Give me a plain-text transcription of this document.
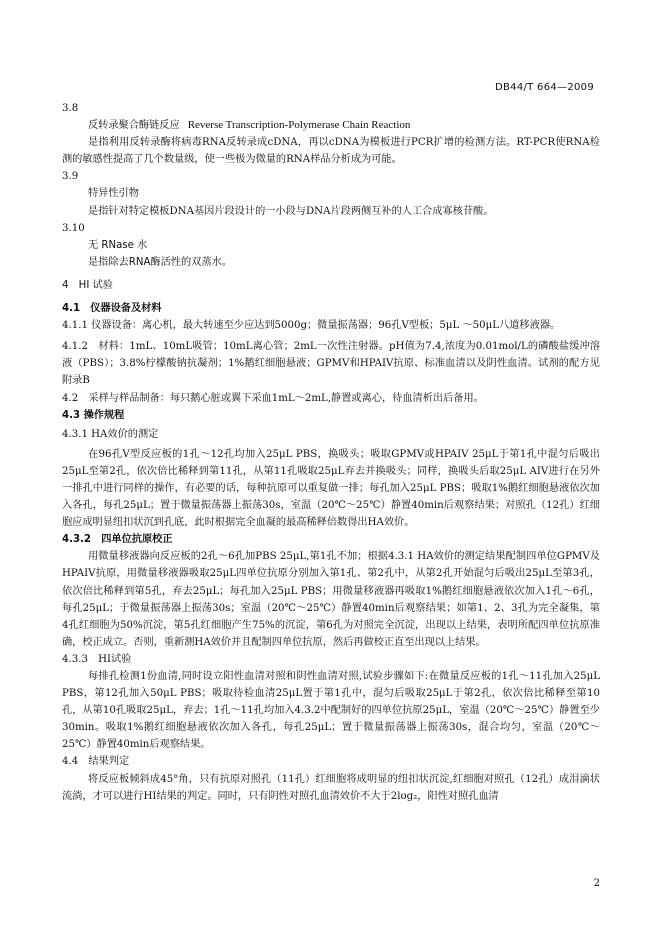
DB44/T 664—2009
3.8
反转录聚合酶链反应 Reverse Transcription-Polymerase Chain Reaction
是指利用反转录酶将病毒RNA反转录成cDNA，再以cDNA为模板进行PCR扩增的检测方法。RT-PCR使RNA检测的敏感性提高了几个数量级，使一些极为微量的RNA样品分析成为可能。
3.9
特异性引物
是指针对特定模板DNA基因片段设计的一小段与DNA片段两侧互补的人工合成寡核苷酸。
3.10
无 RNase 水
是指除去RNA酶活性的双蒸水。
4　HI 试验
4.1　仪器设备及材料
4.1.1 仪器设备：离心机，最大转速至少应达到5000g；微量振荡器；96孔V型板；5μL ～50μL八道移液器。
4.1.2　材料：1mL、10mL吸管；10mL离心管；2mL一次性注射器。pH值为7.4,浓度为0.01mol/L的磷酸盐缓冲溶液（PBS）；3.8%柠檬酸钠抗凝剂；1%鹅红细胞悬液；GPMV和HPAIV抗原、标准血清以及阴性血清。试剂的配方见附录B
4.2　采样与样品制备：每只鹅心脏或翼下采血1mL～2mL,静置或离心，待血清析出后备用。
4.3 操作规程
4.3.1 HA效价的测定
在96孔V型反应板的1孔～12孔均加入25μL PBS，换吸头；吸取GPMV或HPAIV 25μL于第1孔中混匀后吸出25μL至第2孔，依次倍比稀释到第11孔，从第11孔吸取25μL弃去并换吸头；同样，换吸头后取25μL AIV进行在另外一排孔中进行同样的操作，有必要的话，每种抗原可以重复做一排；每孔加入25μL PBS；吸取1%鹅红细胞悬液依次加入各孔，每孔25μL；置于微量振荡器上振荡30s，室温（20℃～25℃）静置40min后观察结果；对照孔（12孔）红细胞应成明显纽扣状沉到孔底，此时根据完全血凝的最高稀释倍数得出HA效价。
4.3.2　四单位抗原校正
用微量移液器向反应板的2孔～6孔加PBS 25μL,第1孔不加；根据4.3.1 HA效价的测定结果配制四单位GPMV及HPAIV抗原，用微量移液器吸取25μL四单位抗原分别加入第1孔、第2孔中，从第2孔开始混匀后吸出25μL至第3孔，依次倍比稀释到第5孔，弃去25μL；每孔加入25μL PBS；用微量移液器再吸取1%鹅红细胞悬液依次加入1孔～6孔，每孔25μL；于微量振荡器上振荡30s；室温（20℃～25℃）静置40min后观察结果；如第1、2、3孔为完全凝集，第4孔红细胞为50%沉淀，第5孔红细胞产生75%的沉淀，第6孔为对照完全沉淀，出现以上结果，表明所配四单位抗原准确，校正成立。否则，重新测HA效价并且配制四单位抗原，然后再做校正直至出现以上结果。
4.3.3　HI试验
每排孔检测1份血清,同时设立阳性血清对照和阴性血清对照,试验步骤如下:在微量反应板的1孔～11孔加入25μL PBS，第12孔加入50μL PBS；吸取待检血清25μL置于第1孔中，混匀后吸取25μL于第2孔，依次倍比稀释至第10孔，从第10孔吸取25μL，弃去；1孔～11孔均加入4.3.2中配制好的四单位抗原25μL，室温（20℃～25℃）静置至少30min。吸取1%鹅红细胞悬液依次加入各孔，每孔25μL；置于微量振荡器上振荡30s，混合均匀，室温（20℃～25℃）静置40min后观察结果。
4.4　结果判定
将反应板倾斜成45°角，只有抗原对照孔（11孔）红细胞将成明显的纽扣状沉淀,红细胞对照孔（12孔）成泪滴状流淌，才可以进行HI结果的判定。同时，只有阴性对照孔血清效价不大于2log₂，阳性对照孔血清
2
